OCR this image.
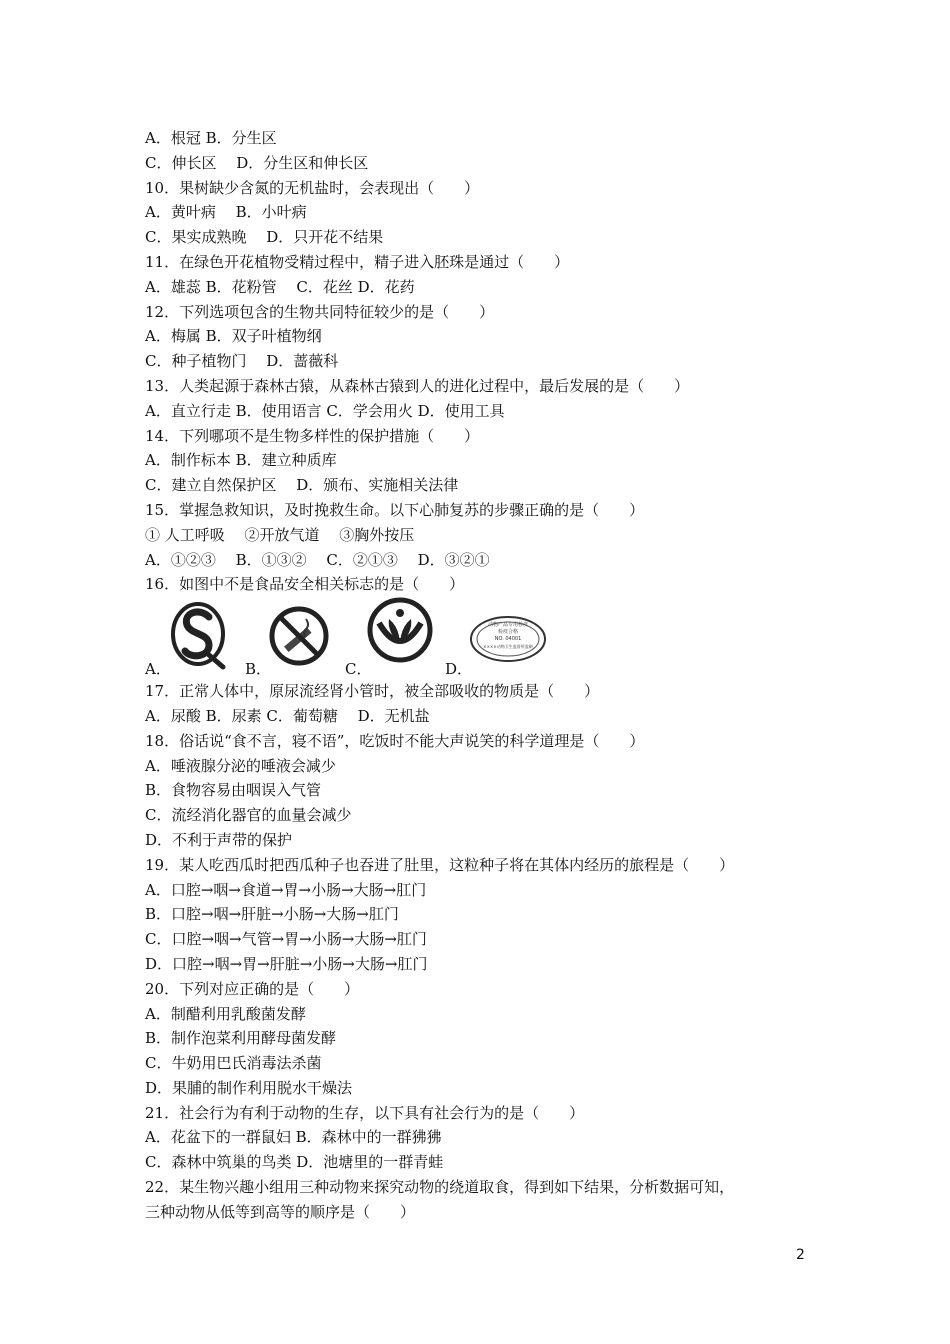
A．根冠 B．分生区
C．伸长区　 D．分生区和伸长区
10．果树缺少含氮的无机盐时，会表现出（　　）
A．黄叶病　 B．小叶病
C．果实成熟晚　 D．只开花不结果
11．在绿色开花植物受精过程中，精子进入胚珠是通过（　　）
A．雄蕊 B．花粉管　 C．花丝 D．花药
12．下列选项包含的生物共同特征较少的是（　　）
A．梅属 B．双子叶植物纲
C．种子植物门　 D．蔷薇科
13．人类起源于森林古猿，从森林古猿到人的进化过程中，最后发展的是（　　）
A．直立行走 B．使用语言 C．学会用火 D．使用工具
14．下列哪项不是生物多样性的保护措施（　　）
A．制作标本 B．建立种质库
C．建立自然保护区　 D．颁布、实施相关法律
15．掌握急救知识，及时挽救生命。以下心肺复苏的步骤正确的是（　　）
① 人工呼吸　 ②开放气道　 ③胸外按压
A．①②③　 B．①③②　 C．②①③　 D．③②①
16．如图中不是食品安全相关标志的是（　　）
A．	B．	C．	D．
动物产品专用检疫
检疫合格
NO. 04001
××××动物卫生监督所监制
17．正常人体中，原尿流经肾小管时，被全部吸收的物质是（　　）
A．尿酸 B．尿素 C．葡萄糖　 D．无机盐
18．俗话说“食不言，寝不语”，吃饭时不能大声说笑的科学道理是（　　）
A．唾液腺分泌的唾液会减少
B．食物容易由咽误入气管
C．流经消化器官的血量会减少
D．不利于声带的保护
19．某人吃西瓜时把西瓜种子也吞进了肚里，这粒种子将在其体内经历的旅程是（　　）
A．口腔→咽→食道→胃→小肠→大肠→肛门
B．口腔→咽→肝脏→小肠→大肠→肛门
C．口腔→咽→气管→胃→小肠→大肠→肛门
D．口腔→咽→胃→肝脏→小肠→大肠→肛门
20．下列对应正确的是（　　）
A．制醋利用乳酸菌发酵
B．制作泡菜利用酵母菌发酵
C．牛奶用巴氏消毒法杀菌
D．果脯的制作利用脱水干燥法
21．社会行为有利于动物的生存，以下具有社会行为的是（　　）
A．花盆下的一群鼠妇 B．森林中的一群狒狒
C．森林中筑巢的鸟类 D．池塘里的一群青蛙
22．某生物兴趣小组用三种动物来探究动物的绕道取食，得到如下结果，分析数据可知，
三种动物从低等到高等的顺序是（　　）
2
